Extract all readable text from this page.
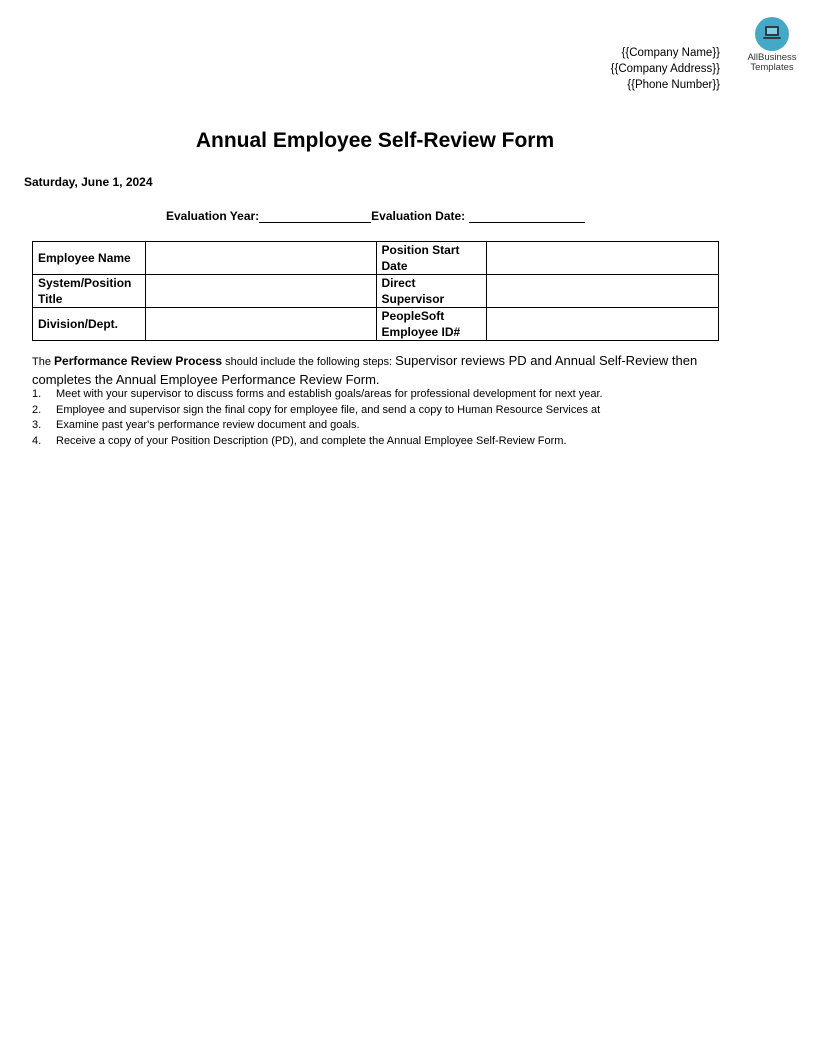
{{Company Name}}
{{Company Address}}
{{Phone Number}}
AllBusiness
Templates
Annual Employee Self-Review Form
Saturday, June 1, 2024
Evaluation Year:	Evaluation Date:
Employee Name		Position Start Date	
System/Position Title		Direct Supervisor	
Division/Dept.		PeopleSoft Employee ID#	
The Performance Review Process should include the following steps: Supervisor reviews PD and Annual Self-Review then completes the Annual Employee Performance Review Form.
1. Meet with your supervisor to discuss forms and establish goals/areas for professional development for next year.
2. Employee and supervisor sign the final copy for employee file, and send a copy to Human Resource Services at
3. Examine past year's performance review document and goals.
4. Receive a copy of your Position Description (PD), and complete the Annual Employee Self-Review Form.
